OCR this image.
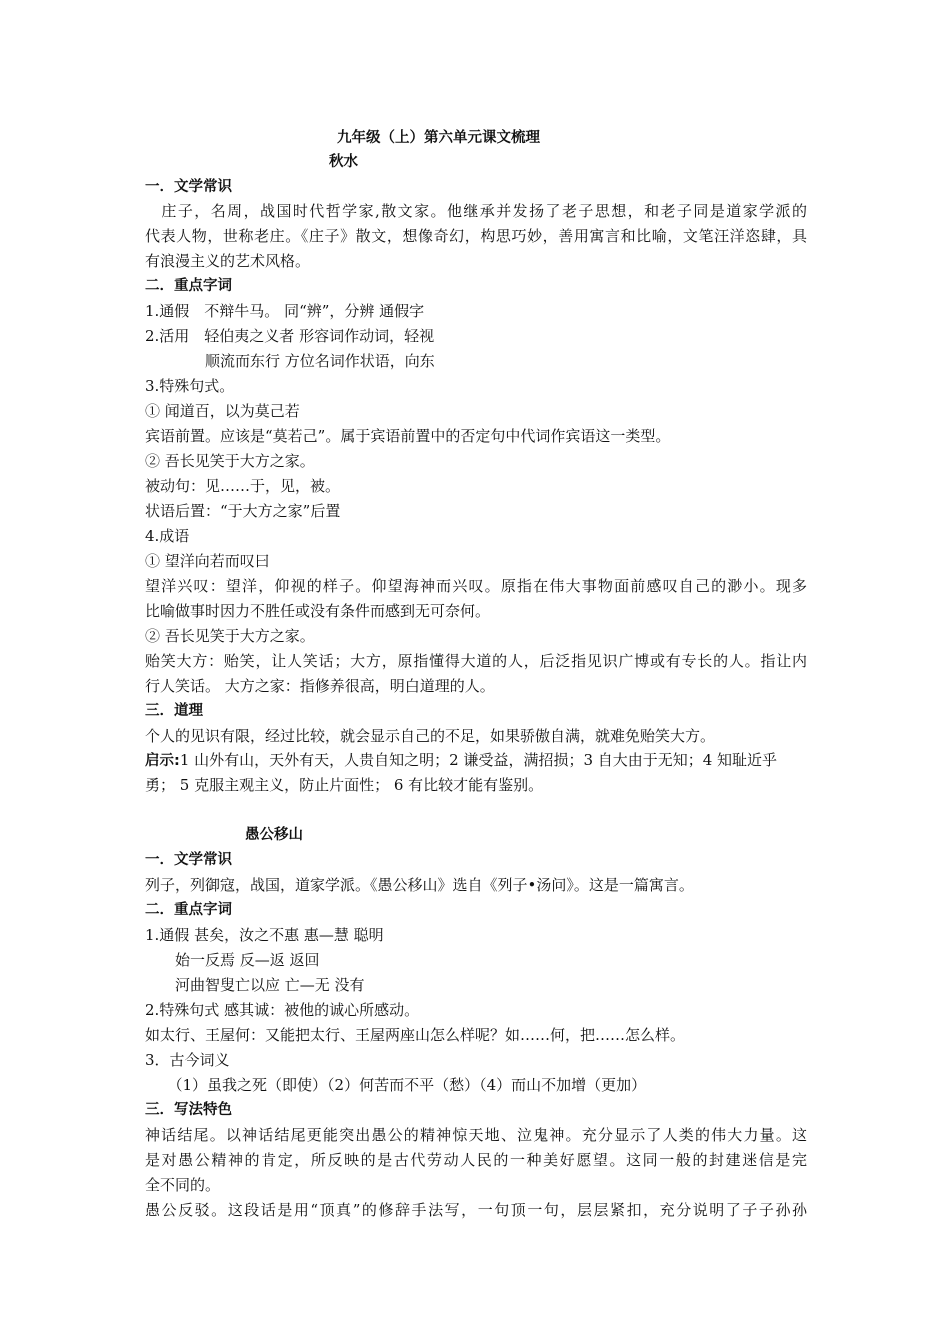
九年级（上）第六单元课文梳理
秋水
一．文学常识
　庄子，名周，战国时代哲学家,散文家。他继承并发扬了老子思想，和老子同是道家学派的
代表人物，世称老庄。《庄子》散文，想像奇幻，构思巧妙，善用寓言和比喻，文笔汪洋恣肆，具
有浪漫主义的艺术风格。
二．重点字词
1.通假　不辩牛马。 同“辨”，分辨 通假字
2.活用　轻伯夷之义者 形容词作动词，轻视
　　　　顺流而东行 方位名词作状语，向东
3.特殊句式。
① 闻道百，以为莫己若
宾语前置。应该是“莫若己”。属于宾语前置中的否定句中代词作宾语这一类型。
② 吾长见笑于大方之家。
被动句：见……于，见，被。
状语后置：“于大方之家”后置
4.成语
① 望洋向若而叹曰
望洋兴叹：望洋，仰视的样子。仰望海神而兴叹。原指在伟大事物面前感叹自己的渺小。现多
比喻做事时因力不胜任或没有条件而感到无可奈何。
② 吾长见笑于大方之家。
贻笑大方：贻笑，让人笑话；大方，原指懂得大道的人，后泛指见识广博或有专长的人。指让内
行人笑话。 大方之家：指修养很高，明白道理的人。
三．道理
个人的见识有限，经过比较，就会显示自己的不足，如果骄傲自满，就难免贻笑大方。
启示:1 山外有山，天外有天，人贵自知之明；2 谦受益，满招损；3 自大由于无知；4 知耻近乎
勇； 5 克服主观主义，防止片面性； 6 有比较才能有鉴别。
愚公移山
一．文学常识
列子，列御寇，战国，道家学派。《愚公移山》选自《列子•汤问》。这是一篇寓言。
二．重点字词
1.通假 甚矣，汝之不惠 惠—慧 聪明
　　始一反焉 反—返 返回
　　河曲智叟亡以应 亡—无 没有
2.特殊句式 感其诚：被他的诚心所感动。
如太行、王屋何：又能把太行、王屋两座山怎么样呢？如……何，把……怎么样。
3．古今词义
　　（1）虽我之死（即使）（2）何苦而不平（愁）（4）而山不加增（更加）
三．写法特色
神话结尾。以神话结尾更能突出愚公的精神惊天地、泣鬼神。充分显示了人类的伟大力量。这
是对愚公精神的肯定，所反映的是古代劳动人民的一种美好愿望。这同一般的封建迷信是完
全不同的。
愚公反驳。这段话是用“顶真”的修辞手法写，一句顶一句，层层紧扣，充分说明了子子孙孙
